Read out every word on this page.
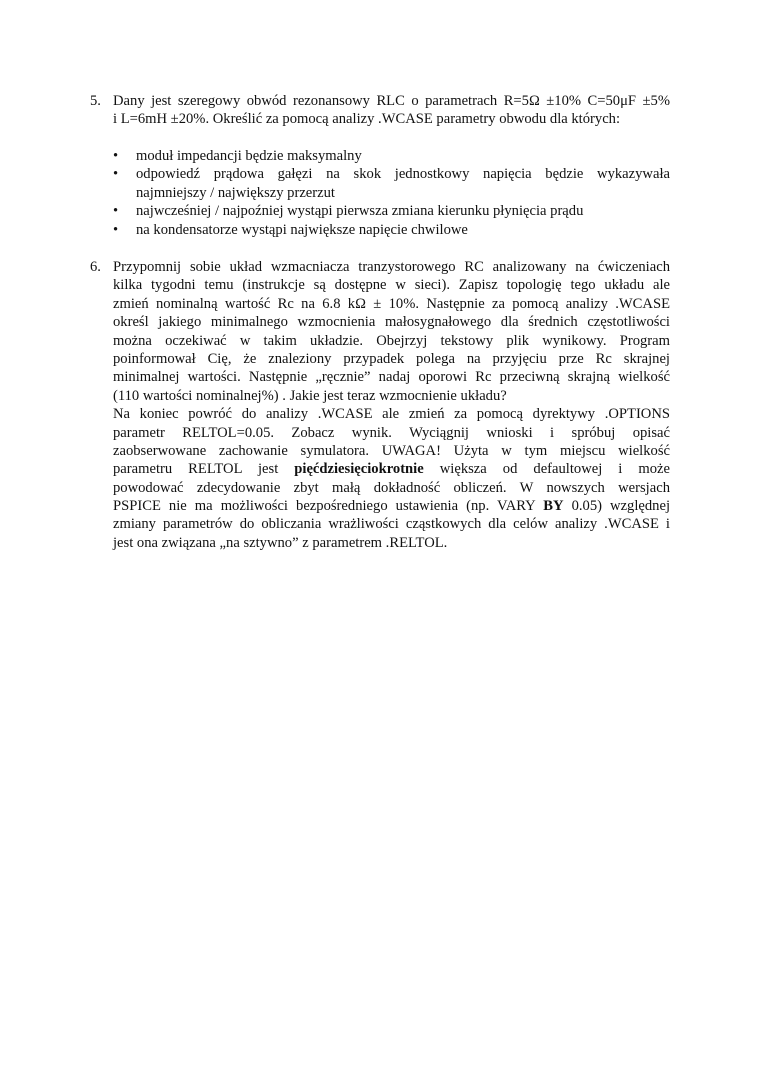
5. Dany jest szeregowy obwód rezonansowy RLC o parametrach R=5Ω ±10% C=50μF ±5%
i L=6mH ±20%. Określić za pomocą analizy .WCASE parametry obwodu dla których:
•	moduł impedancji będzie maksymalny
•	odpowiedź prądowa gałęzi na skok jednostkowy napięcia będzie wykazywała
najmniejszy / największy przerzut
•	najwcześniej / najpoźniej wystąpi pierwsza zmiana kierunku płynięcia prądu
•	na kondensatorze wystąpi największe napięcie chwilowe
6. Przypomnij sobie układ wzmacniacza tranzystorowego RC analizowany na ćwiczeniach
kilka tygodni temu (instrukcje są dostępne w sieci). Zapisz topologię tego układu ale
zmień nominalną wartość Rc na 6.8 kΩ ± 10%. Następnie za pomocą analizy .WCASE
określ jakiego minimalnego wzmocnienia małosygnałowego dla średnich częstotliwości
można oczekiwać w takim układzie. Obejrzyj tekstowy plik wynikowy. Program
poinformował Cię, że znaleziony przypadek polega na przyjęciu prze Rc skrajnej
minimalnej wartości. Następnie „ręcznie” nadaj oporowi Rc przeciwną skrajną wielkość
(110 wartości nominalnej%) . Jakie jest teraz wzmocnienie układu?
Na koniec powróć do analizy .WCASE ale zmień za pomocą dyrektywy .OPTIONS
parametr RELTOL=0.05. Zobacz wynik. Wyciągnij wnioski i spróbuj opisać
zaobserwowane zachowanie symulatora. UWAGA! Użyta w tym miejscu wielkość
parametru RELTOL jest pięćdziesięciokrotnie większa od defaultowej i może
powodować zdecydowanie zbyt małą dokładność obliczeń. W nowszych wersjach
PSPICE nie ma możliwości bezpośredniego ustawienia (np. VARY BY 0.05) względnej
zmiany parametrów do obliczania wrażliwości cząstkowych dla celów analizy .WCASE i
jest ona związana „na sztywno” z parametrem .RELTOL.
